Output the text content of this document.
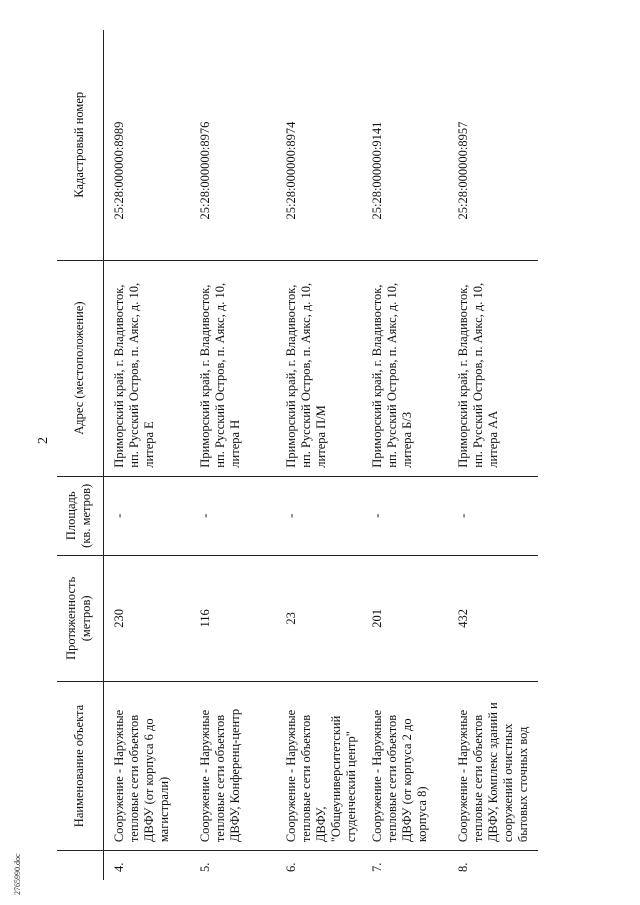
2
2765990.doc
	Наименование объекта	Протяженность (метров)	Площадь (кв. метров)	Адрес (местоположение)	Кадастровый номер
4.	Сооружение - Наружные тепловые сети объектов ДВФУ (от корпуса 6 до магистрали)	230	-	Приморский край, г. Владивосток, нп. Русский Остров, п. Аякс, д. 10, литера Е	25:28:000000:8989
5.	Сооружение - Наружные тепловые сети объектов ДВФУ, Конференц-центр	116	-	Приморский край, г. Владивосток, нп. Русский Остров, п. Аякс, д. 10, литера Н	25:28:000000:8976
6.	Сооружение - Наружные тепловые сети объектов ДВФУ, "Общеуниверситетский студенческий центр"	23	-	Приморский край, г. Владивосток, нп. Русский Остров, п. Аякс, д. 10, литера П/М	25:28:000000:8974
7.	Сооружение - Наружные тепловые сети объектов ДВФУ (от корпуса 2 до корпуса 8)	201	-	Приморский край, г. Владивосток, нп. Русский Остров, п. Аякс, д. 10, литера Б/З	25:28:000000:9141
8.	Сооружение - Наружные тепловые сети объектов ДВФУ, Комплекс зданий и сооружений очистных бытовых сточных вод	432	-	Приморский край, г. Владивосток, нп. Русский Остров, п. Аякс, д. 10, литера АА	25:28:000000:8957
